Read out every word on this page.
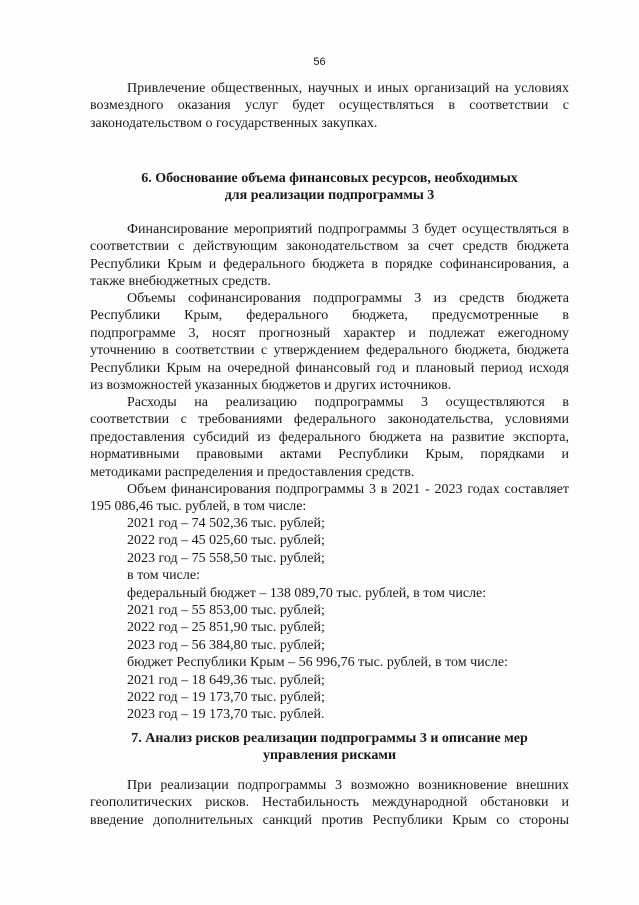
56
Привлечение общественных, научных и иных организаций на условиях
возмездного оказания услуг будет осуществляться в соответствии с
законодательством о государственных закупках.
6. Обоснование объема финансовых ресурсов, необходимых
для реализации подпрограммы 3
Финансирование мероприятий подпрограммы 3 будет осуществляться в
соответствии с действующим законодательством за счет средств бюджета
Республики Крым и федерального бюджета в порядке софинансирования, а
также внебюджетных средств.
Объемы софинансирования подпрограммы 3 из средств бюджета
Республики Крым, федерального бюджета, предусмотренные в
подпрограмме 3, носят прогнозный характер и подлежат ежегодному
уточнению в соответствии с утверждением федерального бюджета, бюджета
Республики Крым на очередной финансовый год и плановый период исходя
из возможностей указанных бюджетов и других источников.
Расходы на реализацию подпрограммы 3 осуществляются в
соответствии с требованиями федерального законодательства, условиями
предоставления субсидий из федерального бюджета на развитие экспорта,
нормативными правовыми актами Республики Крым, порядками и
методиками распределения и предоставления средств.
Объем финансирования подпрограммы 3 в 2021 - 2023 годах составляет
195 086,46 тыс. рублей, в том числе:
2021 год – 74 502,36 тыс. рублей;
2022 год – 45 025,60 тыс. рублей;
2023 год – 75 558,50 тыс. рублей;
в том числе:
федеральный бюджет – 138 089,70 тыс. рублей, в том числе:
2021 год – 55 853,00 тыс. рублей;
2022 год – 25 851,90 тыс. рублей;
2023 год – 56 384,80 тыс. рублей;
бюджет Республики Крым – 56 996,76 тыс. рублей, в том числе:
2021 год – 18 649,36 тыс. рублей;
2022 год – 19 173,70 тыс. рублей;
2023 год – 19 173,70 тыс. рублей.
7. Анализ рисков реализации подпрограммы 3 и описание мер
управления рисками
При реализации подпрограммы 3 возможно возникновение внешних
геополитических рисков. Нестабильность международной обстановки и
введение дополнительных санкций против Республики Крым со стороны
